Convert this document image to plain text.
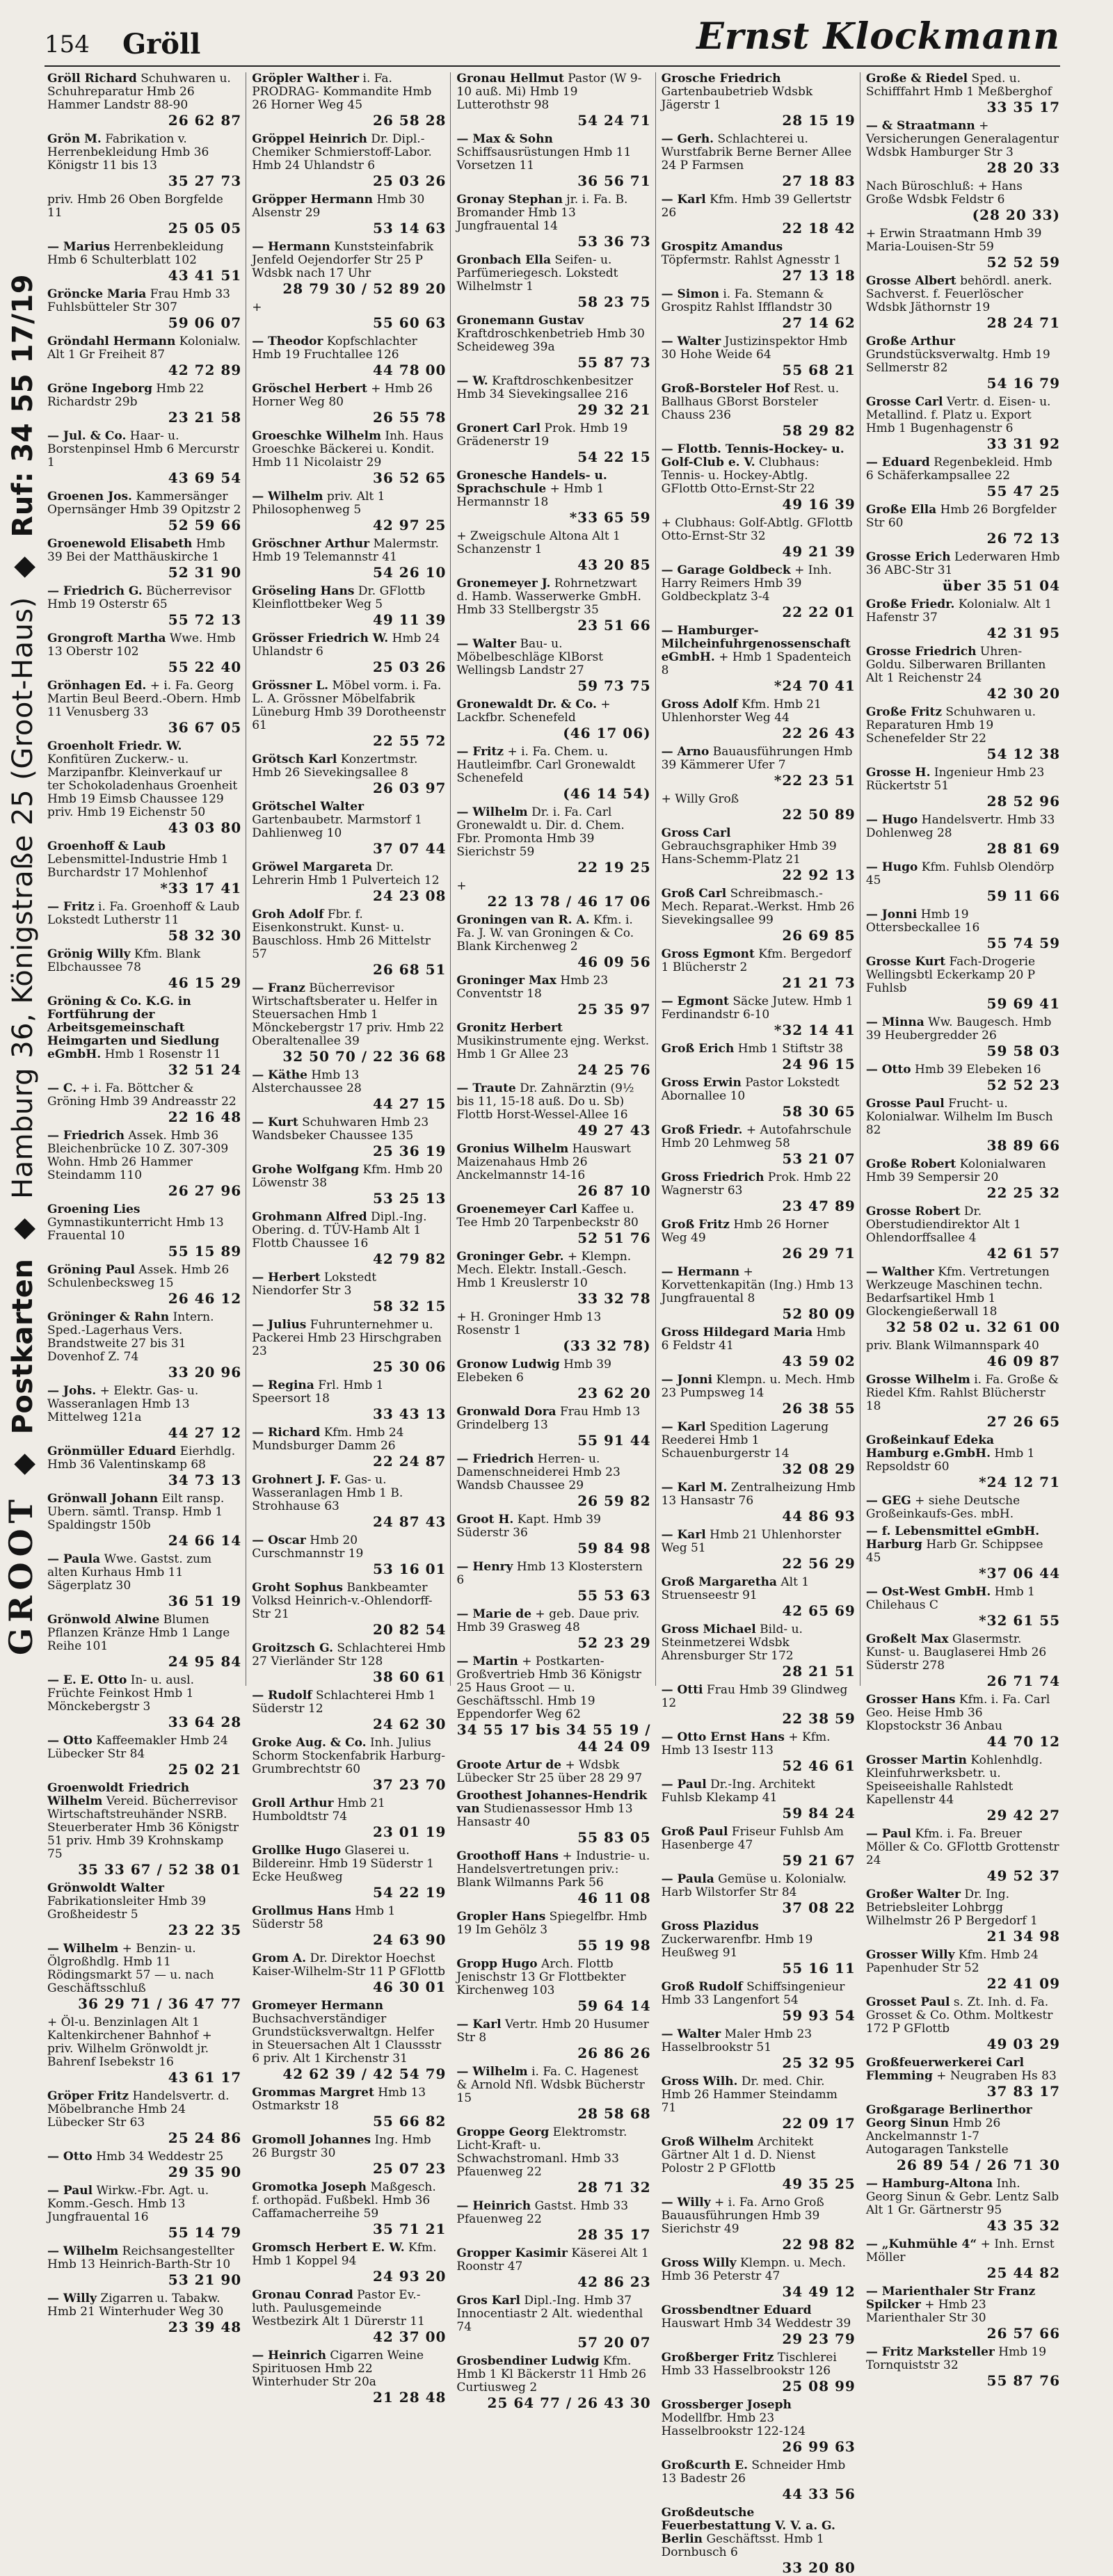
154 Gröll	Ernst Klockmann
GROOT ◆ Postkarten ◆ Hamburg 36, Königstraße 25 (Groot-Haus) ◆ Ruf: 34 55 17/19
Gröll Richard Schuhwaren u. Schuhreparatur Hmb 26 Hammer Landstr 88-90
26 62 87
Grön M. Fabrikation v. Herrenbekleidung Hmb 36 Königstr 11 bis 13
35 27 73
priv. Hmb 26 Oben Borgfelde 11
25 05 05
— Marius Herrenbekleidung Hmb 6 Schulterblatt 102
43 41 51
Gröncke Maria Frau Hmb 33 Fuhlsbütteler Str 307
59 06 07
Gröndahl Hermann Kolonialw. Alt 1 Gr Freiheit 87
42 72 89
Gröne Ingeborg Hmb 22 Richardstr 29b
23 21 58
— Jul. & Co. Haar- u. Borstenpinsel Hmb 6 Mercurstr 1
43 69 54
Groenen Jos. Kammersänger Opernsänger Hmb 39 Opitzstr 2
52 59 66
Groenewold Elisabeth Hmb 39 Bei der Matthäuskirche 1
52 31 90
— Friedrich G. Bücherrevisor Hmb 19 Osterstr 65
55 72 13
Grongroft Martha Wwe. Hmb 13 Oberstr 102
55 22 40
Grönhagen Ed. + i. Fa. Georg Martin Beul Beerd.-Obern. Hmb 11 Venusberg 33
36 67 05
Groenholt Friedr. W. Konfitüren Zuckerw.- u. Marzipanfbr. Kleinverkauf ur ter Schokoladenhaus Groenheit Hmb 19 Eimsb Chaussee 129 priv. Hmb 19 Eichenstr 50
43 03 80
Groenhoff & Laub Lebensmittel-Industrie Hmb 1 Burchardstr 17 Mohlenhof
*33 17 41
— Fritz i. Fa. Groenhoff & Laub Lokstedt Lutherstr 11
58 32 30
Grönig Willy Kfm. Blank Elbchaussee 78
46 15 29
Gröning & Co. K.G. in Fortführung der Arbeitsgemeinschaft Heimgarten und Siedlung eGmbH. Hmb 1 Rosenstr 11
32 51 24
— C. + i. Fa. Böttcher & Gröning Hmb 39 Andreasstr 22
22 16 48
— Friedrich Assek. Hmb 36 Bleichenbrücke 10 Z. 307-309 Wohn. Hmb 26 Hammer Steindamm 110
26 27 96
Groening Lies Gymnastikunterricht Hmb 13 Frauental 10
55 15 89
Gröning Paul Assek. Hmb 26 Schulenbecksweg 15
26 46 12
Gröninger & Rahn Intern. Sped.-Lagerhaus Vers. Brandstweite 27 bis 31 Dovenhof Z. 74
33 20 96
— Johs. + Elektr. Gas- u. Wasseranlagen Hmb 13 Mittelweg 121a
44 27 12
Grönmüller Eduard Eierhdlg. Hmb 36 Valentinskamp 68
34 73 13
Grönwall Johann Eilt ransp. Ubern. sämtl. Transp. Hmb 1 Spaldingstr 150b
24 66 14
— Paula Wwe. Gastst. zum alten Kurhaus Hmb 11 Sägerplatz 30
36 51 19
Grönwold Alwine Blumen Pflanzen Kränze Hmb 1 Lange Reihe 101
24 95 84
— E. E. Otto In- u. ausl. Früchte Feinkost Hmb 1 Mönckebergstr 3
33 64 28
— Otto Kaffeemakler Hmb 24 Lübecker Str 84
25 02 21
Groenwoldt Friedrich Wilhelm Vereid. Bücherrevisor Wirtschaftstreuhänder NSRB. Steuerberater Hmb 36 Königstr 51 priv. Hmb 39 Krohnskamp 75
35 33 67 / 52 38 01
Grönwoldt Walter Fabrikationsleiter Hmb 39 Großheidestr 5
23 22 35
— Wilhelm + Benzin- u. Ölgroßhdlg. Hmb 11 Rödingsmarkt 57 — u. nach Geschäftsschluß
36 29 71 / 36 47 77
+ Öl-u. Benzinlagen Alt 1 Kaltenkirchener Bahnhof + priv. Wilhelm Grönwoldt jr. Bahrenf Isebekstr 16
43 61 17
Gröper Fritz Handelsvertr. d. Möbelbranche Hmb 24 Lübecker Str 63
25 24 86
— Otto Hmb 34 Weddestr 25
29 35 90
— Paul Wirkw.-Fbr. Agt. u. Komm.-Gesch. Hmb 13 Jungfrauental 16
55 14 79
— Wilhelm Reichsangestellter Hmb 13 Heinrich-Barth-Str 10
53 21 90
— Willy Zigarren u. Tabakw. Hmb 21 Winterhuder Weg 30
23 39 48
Gröpler Walther i. Fa. PRODRAG- Kommandite Hmb 26 Horner Weg 45
26 58 28
Gröppel Heinrich Dr. Dipl.-Chemiker Schmierstoff-Labor. Hmb 24 Uhlandstr 6
25 03 26
Gröpper Hermann Hmb 30 Alsenstr 29
53 14 63
— Hermann Kunststeinfabrik Jenfeld Oejendorfer Str 25 P Wdsbk nach 17 Uhr
28 79 30 / 52 89 20
+
55 60 63
— Theodor Kopfschlachter Hmb 19 Fruchtallee 126
44 78 00
Gröschel Herbert + Hmb 26 Horner Weg 80
26 55 78
Groeschke Wilhelm Inh. Haus Groeschke Bäckerei u. Kondit. Hmb 11 Nicolaistr 29
36 52 65
— Wilhelm priv. Alt 1 Philosophenweg 5
42 97 25
Gröschner Arthur Malermstr. Hmb 19 Telemannstr 41
54 26 10
Gröseling Hans Dr. GFlottb Kleinflottbeker Weg 5
49 11 39
Grösser Friedrich W. Hmb 24 Uhlandstr 6
25 03 26
Grössner L. Möbel vorm. i. Fa. L. A. Grössner Möbelfabrik Lüneburg Hmb 39 Dorotheenstr 61
22 55 72
Grötsch Karl Konzertmstr. Hmb 26 Sievekingsallee 8
26 03 97
Grötschel Walter Gartenbaubetr. Marmstorf 1 Dahlienweg 10
37 07 44
Gröwel Margareta Dr. Lehrerin Hmb 1 Pulverteich 12
24 23 08
Groh Adolf Fbr. f. Eisenkonstrukt. Kunst- u. Bauschloss. Hmb 26 Mittelstr 57
26 68 51
— Franz Bücherrevisor Wirtschaftsberater u. Helfer in Steuersachen Hmb 1 Mönckebergstr 17 priv. Hmb 22 Oberaltenallee 39
32 50 70 / 22 36 68
— Käthe Hmb 13 Alsterchaussee 28
44 27 15
— Kurt Schuhwaren Hmb 23 Wandsbeker Chaussee 135
25 36 19
Grohe Wolfgang Kfm. Hmb 20 Löwenstr 38
53 25 13
Grohmann Alfred Dipl.-Ing. Obering. d. TÜV-Hamb Alt 1 Flottb Chaussee 16
42 79 82
— Herbert Lokstedt Niendorfer Str 3
58 32 15
— Julius Fuhrunternehmer u. Packerei Hmb 23 Hirschgraben 23
25 30 06
— Regina Frl. Hmb 1 Speersort 18
33 43 13
— Richard Kfm. Hmb 24 Mundsburger Damm 26
22 24 87
Grohnert J. F. Gas- u. Wasseranlagen Hmb 1 B. Strohhause 63
24 87 43
— Oscar Hmb 20 Curschmannstr 19
53 16 01
Groht Sophus Bankbeamter Volksd Heinrich-v.-Ohlendorff-Str 21
20 82 54
Groitzsch G. Schlachterei Hmb 27 Vierländer Str 128
38 60 61
— Rudolf Schlachterei Hmb 1 Süderstr 12
24 62 30
Groke Aug. & Co. Inh. Julius Schorm Stockenfabrik Harburg-Grumbrechtstr 60
37 23 70
Groll Arthur Hmb 21 Humboldtstr 74
23 01 19
Grollke Hugo Glaserei u. Bildereinr. Hmb 19 Süderstr 1 Ecke Heußweg
54 22 19
Grollmus Hans Hmb 1 Süderstr 58
24 63 90
Grom A. Dr. Direktor Hoechst Kaiser-Wilhelm-Str 11 P GFlottb
46 30 01
Gromeyer Hermann Buchsachverständiger Grundstücksverwaltgn. Helfer in Steuersachen Alt 1 Claussstr 6 priv. Alt 1 Kirchenstr 31
42 62 39 / 42 54 79
Grommas Margret Hmb 13 Ostmarkstr 18
55 66 82
Gromoll Johannes Ing. Hmb 26 Burgstr 30
25 07 23
Gromotka Joseph Maßgesch. f. orthopäd. Fußbekl. Hmb 36 Caffamacherreihe 59
35 71 21
Gromsch Herbert E. W. Kfm. Hmb 1 Koppel 94
24 93 20
Gronau Conrad Pastor Ev.-luth. Paulusgemeinde Westbezirk Alt 1 Dürerstr 11
42 37 00
— Heinrich Cigarren Weine Spirituosen Hmb 22 Winterhuder Str 20a
21 28 48
Gronau Hellmut Pastor (W 9-10 auß. Mi) Hmb 19 Lutterothstr 98
54 24 71
— Max & Sohn Schiffsausrüstungen Hmb 11 Vorsetzen 11
36 56 71
Gronay Stephan jr. i. Fa. B. Bromander Hmb 13 Jungfrauental 14
53 36 73
Gronbach Ella Seifen- u. Parfümeriegesch. Lokstedt Wilhelmstr 1
58 23 75
Gronemann Gustav Kraftdroschkenbetrieb Hmb 30 Scheideweg 39a
55 87 73
— W. Kraftdroschkenbesitzer Hmb 34 Sievekingsallee 216
29 32 21
Gronert Carl Prok. Hmb 19 Grädenerstr 19
54 22 15
Gronesche Handels- u. Sprachschule + Hmb 1 Hermannstr 18
*33 65 59
+ Zweigschule Altona Alt 1 Schanzenstr 1
43 20 85
Gronemeyer J. Rohrnetzwart d. Hamb. Wasserwerke GmbH. Hmb 33 Stellbergstr 35
23 51 66
— Walter Bau- u. Möbelbeschläge KlBorst Wellingsb Landstr 27
59 73 75
Gronewaldt Dr. & Co. + Lackfbr. Schenefeld
(46 17 06)
— Fritz + i. Fa. Chem. u. Hautleimfbr. Carl Gronewaldt Schenefeld
(46 14 54)
— Wilhelm Dr. i. Fa. Carl Gronewaldt u. Dir. d. Chem. Fbr. Promonta Hmb 39 Sierichstr 59
22 19 25
+
22 13 78 / 46 17 06
Groningen van R. A. Kfm. i. Fa. J. W. van Groningen & Co. Blank Kirchenweg 2
46 09 56
Groninger Max Hmb 23 Conventstr 18
25 35 97
Gronitz Herbert Musikinstrumente ejng. Werkst. Hmb 1 Gr Allee 23
24 25 76
— Traute Dr. Zahnärztin (9½ bis 11, 15-18 auß. Do u. Sb) Flottb Horst-Wessel-Allee 16
49 27 43
Gronius Wilhelm Hauswart Maizenahaus Hmb 26 Anckelmannstr 14-16
26 87 10
Groenemeyer Carl Kaffee u. Tee Hmb 20 Tarpenbeckstr 80
52 51 76
Groninger Gebr. + Klempn. Mech. Elektr. Install.-Gesch. Hmb 1 Kreuslerstr 10
33 32 78
+ H. Groninger Hmb 13 Rosenstr 1
(33 32 78)
Gronow Ludwig Hmb 39 Elebeken 6
23 62 20
Gronwald Dora Frau Hmb 13 Grindelberg 13
55 91 44
— Friedrich Herren- u. Damenschneiderei Hmb 23 Wandsb Chaussee 29
26 59 82
Groot H. Kapt. Hmb 39 Süderstr 36
59 84 98
— Henry Hmb 13 Klosterstern 6
55 53 63
— Marie de + geb. Daue priv. Hmb 39 Grasweg 48
52 23 29
— Martin + Postkarten-Großvertrieb Hmb 36 Königstr 25 Haus Groot — u. Geschäftsschl. Hmb 19 Eppendorfer Weg 62
34 55 17 bis 34 55 19 / 44 24 09
Groote Artur de + Wdsbk Lübecker Str 25 über 28 29 97
Groothest Johannes-Hendrik van Studienassessor Hmb 13 Hansastr 40
55 83 05
Groothoff Hans + Industrie- u. Handelsvertretungen priv.: Blank Wilmanns Park 56
46 11 08
Gropler Hans Spiegelfbr. Hmb 19 Im Gehölz 3
55 19 98
Gropp Hugo Arch. Flottb Jenischstr 13 Gr Flottbekter Kirchenweg 103
59 64 14
— Karl Vertr. Hmb 20 Husumer Str 8
26 86 26
— Wilhelm i. Fa. C. Hagenest & Arnold Nfl. Wdsbk Bücherstr 15
28 58 68
Groppe Georg Elektromstr. Licht-Kraft- u. Schwachstromanl. Hmb 33 Pfauenweg 22
28 71 32
— Heinrich Gastst. Hmb 33 Pfauenweg 22
28 35 17
Gropper Kasimir Käserei Alt 1 Roonstr 47
42 86 23
Gros Karl Dipl.-Ing. Hmb 37 Innocentiastr 2 Alt. wiedenthal 74
57 20 07
Grosbendiner Ludwig Kfm. Hmb 1 Kl Bäckerstr 11 Hmb 26 Curtiusweg 2
25 64 77 / 26 43 30
Grosche Friedrich Gartenbaubetrieb Wdsbk Jägerstr 1
28 15 19
— Gerh. Schlachterei u. Wurstfabrik Berne Berner Allee 24 P Farmsen
27 18 83
— Karl Kfm. Hmb 39 Gellertstr 26
22 18 42
Grospitz Amandus Töpfermstr. Rahlst Agnesstr 1
27 13 18
— Simon i. Fa. Stemann & Grospitz Rahlst Ifflandstr 30
27 14 62
— Walter Justizinspektor Hmb 30 Hohe Weide 64
55 68 21
Groß-Borsteler Hof Rest. u. Ballhaus GBorst Borsteler Chauss 236
58 29 82
— Flottb. Tennis-Hockey- u. Golf-Club e. V. Clubhaus: Tennis- u. Hockey-Abtlg. GFlottb Otto-Ernst-Str 22
49 16 39
+ Clubhaus: Golf-Abtlg. GFlottb Otto-Ernst-Str 32
49 21 39
— Garage Goldbeck + Inh. Harry Reimers Hmb 39 Goldbeckplatz 3-4
22 22 01
— Hamburger-Milcheinfuhrgenossenschaft eGmbH. + Hmb 1 Spadenteich 8
*24 70 41
Gross Adolf Kfm. Hmb 21 Uhlenhorster Weg 44
22 26 43
— Arno Bauausführungen Hmb 39 Kämmerer Ufer 7
*22 23 51
+ Willy Groß
22 50 89
Gross Carl Gebrauchsgraphiker Hmb 39 Hans-Schemm-Platz 21
22 92 13
Groß Carl Schreibmasch.-Mech. Reparat.-Werkst. Hmb 26 Sievekingsallee 99
26 69 85
Gross Egmont Kfm. Bergedorf 1 Blücherstr 2
21 21 73
— Egmont Säcke Jutew. Hmb 1 Ferdinandstr 6-10
*32 14 41
Groß Erich Hmb 1 Stiftstr 38
24 96 15
Gross Erwin Pastor Lokstedt Abornallee 10
58 30 65
Groß Friedr. + Autofahrschule Hmb 20 Lehmweg 58
53 21 07
Gross Friedrich Prok. Hmb 22 Wagnerstr 63
23 47 89
Groß Fritz Hmb 26 Horner Weg 49
26 29 71
— Hermann + Korvettenkapitän (Ing.) Hmb 13 Jungfrauental 8
52 80 09
Gross Hildegard Maria Hmb 6 Feldstr 41
43 59 02
— Jonni Klempn. u. Mech. Hmb 23 Pumpsweg 14
26 38 55
— Karl Spedition Lagerung Reederei Hmb 1 Schauenburgerstr 14
32 08 29
— Karl M. Zentralheizung Hmb 13 Hansastr 76
44 86 93
— Karl Hmb 21 Uhlenhorster Weg 51
22 56 29
Groß Margaretha Alt 1 Struenseestr 91
42 65 69
Gross Michael Bild- u. Steinmetzerei Wdsbk Ahrensburger Str 172
28 21 51
— Otti Frau Hmb 39 Glindweg 12
22 38 59
— Otto Ernst Hans + Kfm. Hmb 13 Isestr 113
52 46 61
— Paul Dr.-Ing. Architekt Fuhlsb Klekamp 41
59 84 24
Groß Paul Friseur Fuhlsb Am Hasenberge 47
59 21 67
— Paula Gemüse u. Kolonialw. Harb Wilstorfer Str 84
37 08 22
Gross Plazidus Zuckerwarenfbr. Hmb 19 Heußweg 91
55 16 11
Groß Rudolf Schiffsingenieur Hmb 33 Langenfort 54
59 93 54
— Walter Maler Hmb 23 Hasselbrookstr 51
25 32 95
Gross Wilh. Dr. med. Chir. Hmb 26 Hammer Steindamm 71
22 09 17
Groß Wilhelm Architekt Gärtner Alt 1 d. D. Nienst Polostr 2 P GFlottb
49 35 25
— Willy + i. Fa. Arno Groß Bauausführungen Hmb 39 Sierichstr 49
22 98 82
Gross Willy Klempn. u. Mech. Hmb 36 Peterstr 47
34 49 12
Grossbendtner Eduard Hauswart Hmb 34 Weddestr 39
29 23 79
Großberger Fritz Tischlerei Hmb 33 Hasselbrookstr 126
25 08 99
Grossberger Joseph Modellfbr. Hmb 23 Hasselbrookstr 122-124
26 99 63
Großcurth E. Schneider Hmb 13 Badestr 26
44 33 56
Großdeutsche Feuerbestattung V. V. a. G. Berlin Geschäftsst. Hmb 1 Dornbusch 6
33 20 80
Große & Riedel Sped. u. Schifffahrt Hmb 1 Meßberghof
33 35 17
— & Straatmann + Versicherungen Generalagentur Wdsbk Hamburger Str 3
28 20 33
Nach Büroschluß: + Hans Große Wdsbk Feldstr 6
(28 20 33)
+ Erwin Straatmann Hmb 39 Maria-Louisen-Str 59
52 52 59
Grosse Albert behördl. anerk. Sachverst. f. Feuerlöscher Wdsbk Jäthornstr 19
28 24 71
Große Arthur Grundstücksverwaltg. Hmb 19 Sellmerstr 82
54 16 79
Grosse Carl Vertr. d. Eisen- u. Metallind. f. Platz u. Export Hmb 1 Bugenhagenstr 6
33 31 92
— Eduard Regenbekleid. Hmb 6 Schäferkampsallee 22
55 47 25
Große Ella Hmb 26 Borgfelder Str 60
26 72 13
Grosse Erich Lederwaren Hmb 36 ABC-Str 31
über 35 51 04
Große Friedr. Kolonialw. Alt 1 Hafenstr 37
42 31 95
Grosse Friedrich Uhren- Goldu. Silberwaren Brillanten Alt 1 Reichenstr 24
42 30 20
Große Fritz Schuhwaren u. Reparaturen Hmb 19 Schenefelder Str 22
54 12 38
Grosse H. Ingenieur Hmb 23 Rückertstr 51
28 52 96
— Hugo Handelsvertr. Hmb 33 Dohlenweg 28
28 81 69
— Hugo Kfm. Fuhlsb Olendörp 45
59 11 66
— Jonni Hmb 19 Ottersbeckallee 16
55 74 59
Grosse Kurt Fach-Drogerie Wellingsbtl Eckerkamp 20 P Fuhlsb
59 69 41
— Minna Ww. Baugesch. Hmb 39 Heubergredder 26
59 58 03
— Otto Hmb 39 Elebeken 16
52 52 23
Grosse Paul Frucht- u. Kolonialwar. Wilhelm Im Busch 82
38 89 66
Große Robert Kolonialwaren Hmb 39 Sempersir 20
22 25 32
Grosse Robert Dr. Oberstudiendirektor Alt 1 Ohlendorffsallee 4
42 61 57
— Walther Kfm. Vertretungen Werkzeuge Maschinen techn. Bedarfsartikel Hmb 1 Glockengießerwall 18
32 58 02 u. 32 61 00
priv. Blank Wilmannspark 40
46 09 87
Grosse Wilhelm i. Fa. Große & Riedel Kfm. Rahlst Blücherstr 18
27 26 65
Großeinkauf Edeka Hamburg e.GmbH. Hmb 1 Repsoldstr 60
*24 12 71
— GEG + siehe Deutsche Großeinkaufs-Ges. mbH.
— f. Lebensmittel eGmbH. Harburg Harb Gr. Schippsee 45
*37 06 44
— Ost-West GmbH. Hmb 1 Chilehaus C
*32 61 55
Großelt Max Glasermstr. Kunst- u. Bauglaserei Hmb 26 Süderstr 278
26 71 74
Grosser Hans Kfm. i. Fa. Carl Geo. Heise Hmb 36 Klopstockstr 36 Anbau
44 70 12
Grosser Martin Kohlenhdlg. Kleinfuhrwerksbetr. u. Speiseeishalle Rahlstedt Kapellenstr 44
29 42 27
— Paul Kfm. i. Fa. Breuer Möller & Co. GFlottb Grottenstr 24
49 52 37
Großer Walter Dr. Ing. Betriebsleiter Lohbrgg Wilhelmstr 26 P Bergedorf 1
21 34 98
Grosser Willy Kfm. Hmb 24 Papenhuder Str 52
22 41 09
Grosset Paul s. Zt. Inh. d. Fa. Grosset & Co. Othm. Moltkestr 172 P GFlottb
49 03 29
Großfeuerwerkerei Carl Flemming + Neugraben Hs 83
37 83 17
Großgarage Berlinerthor Georg Sinun Hmb 26 Anckelmannstr 1-7 Autogaragen Tankstelle
26 89 54 / 26 71 30
— Hamburg-Altona Inh. Georg Sinun & Gebr. Lentz Salb Alt 1 Gr. Gärtnerstr 95
43 35 32
— „Kuhmühle 4“ + Inh. Ernst Möller
25 44 82
— Marienthaler Str Franz Spilcker + Hmb 23 Marienthaler Str 30
26 57 66
— Fritz Marksteller Hmb 19 Tornquiststr 32
55 87 76
